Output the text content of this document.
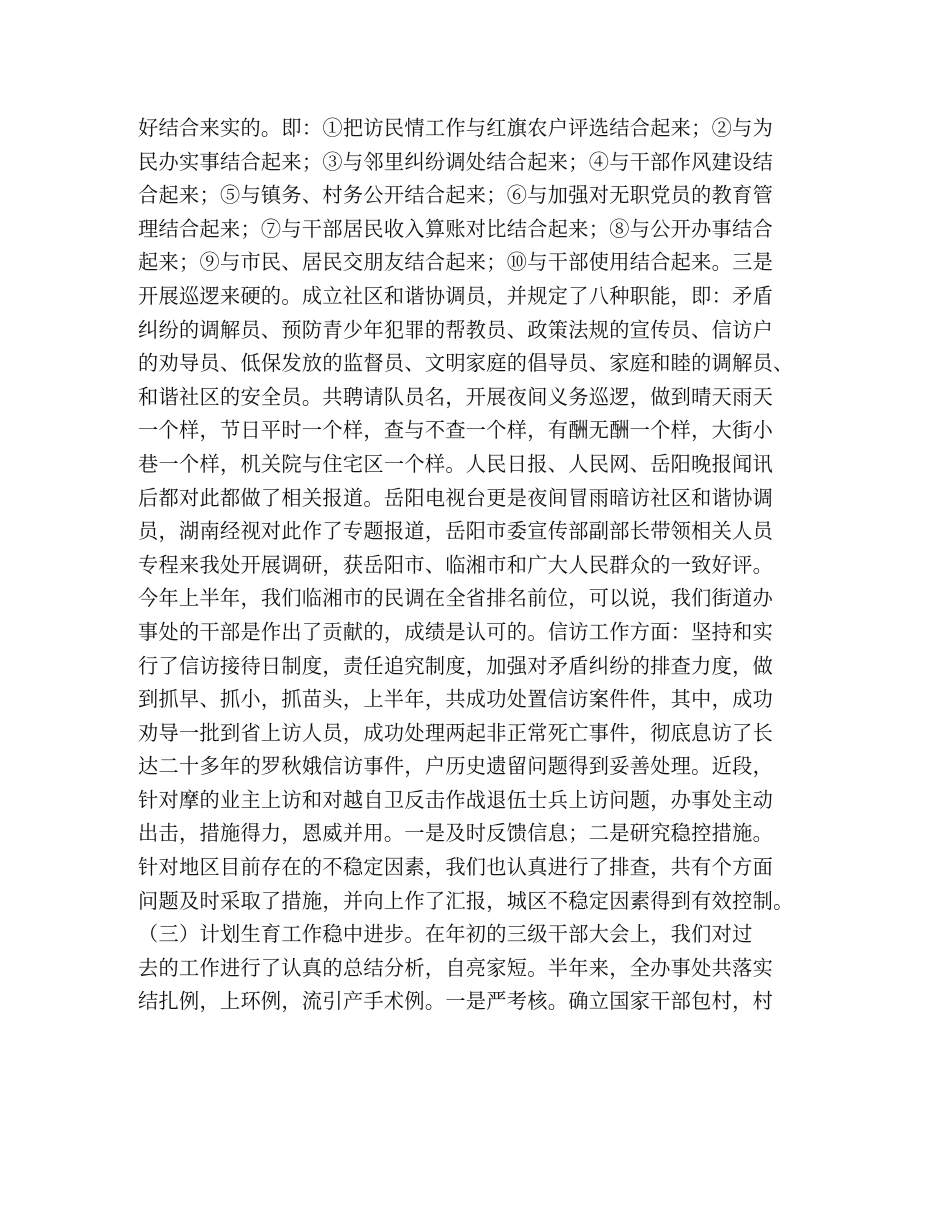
好结合来实的。即：①把访民情工作与红旗农户评选结合起来；②与为
民办实事结合起来；③与邻里纠纷调处结合起来；④与干部作风建设结
合起来；⑤与镇务、村务公开结合起来；⑥与加强对无职党员的教育管
理结合起来；⑦与干部居民收入算账对比结合起来；⑧与公开办事结合
起来；⑨与市民、居民交朋友结合起来；⑩与干部使用结合起来。三是
开展巡逻来硬的。成立社区和谐协调员，并规定了八种职能，即：矛盾
纠纷的调解员、预防青少年犯罪的帮教员、政策法规的宣传员、信访户
的劝导员、低保发放的监督员、文明家庭的倡导员、家庭和睦的调解员、
和谐社区的安全员。共聘请队员名，开展夜间义务巡逻，做到晴天雨天
一个样，节日平时一个样，查与不查一个样，有酬无酬一个样，大街小
巷一个样，机关院与住宅区一个样。人民日报、人民网、岳阳晚报闻讯
后都对此都做了相关报道。岳阳电视台更是夜间冒雨暗访社区和谐协调
员，湖南经视对此作了专题报道，岳阳市委宣传部副部长带领相关人员
专程来我处开展调研，获岳阳市、临湘市和广大人民群众的一致好评。
今年上半年，我们临湘市的民调在全省排名前位，可以说，我们街道办
事处的干部是作出了贡献的，成绩是认可的。信访工作方面：坚持和实
行了信访接待日制度，责任追究制度，加强对矛盾纠纷的排查力度，做
到抓早、抓小，抓苗头，上半年，共成功处置信访案件件，其中，成功
劝导一批到省上访人员，成功处理两起非正常死亡事件，彻底息访了长
达二十多年的罗秋娥信访事件，户历史遗留问题得到妥善处理。近段，
针对摩的业主上访和对越自卫反击作战退伍士兵上访问题，办事处主动
出击，措施得力，恩威并用。一是及时反馈信息；二是研究稳控措施。
针对地区目前存在的不稳定因素，我们也认真进行了排查，共有个方面
问题及时采取了措施，并向上作了汇报，城区不稳定因素得到有效控制。
（三）计划生育工作稳中进步。在年初的三级干部大会上，我们对过
去的工作进行了认真的总结分析，自亮家短。半年来，全办事处共落实
结扎例，上环例，流引产手术例。一是严考核。确立国家干部包村，村
